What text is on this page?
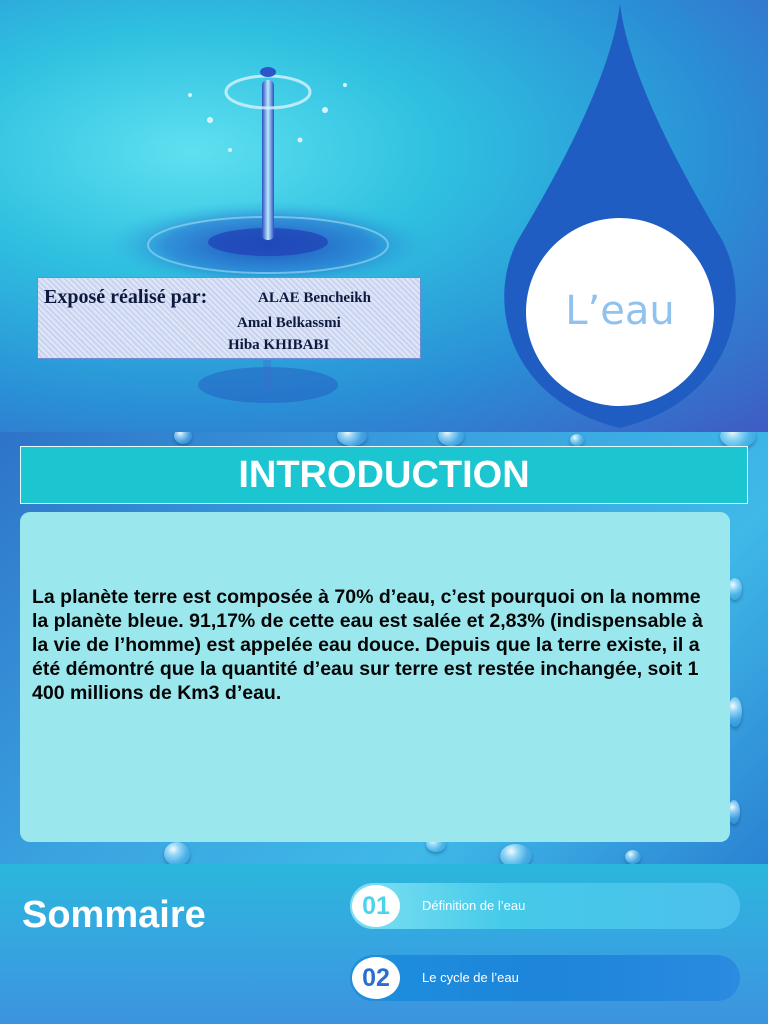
Exposé réalisé par:	ALAE Bencheikh
Amal Belkassmi
Hiba KHIBABI
L’eau
INTRODUCTION
La planète terre est composée à 70% d’eau, c’est pourquoi on la nomme la planète bleue. 91,17% de cette eau est salée et 2,83% (indispensable à la vie de l’homme) est appelée eau douce. Depuis que la terre existe, il a été démontré que la quantité d’eau sur terre est restée inchangée, soit 1 400 millions de Km3 d’eau.
Sommaire	01	Définition de l’eau
02	Le cycle de l’eau
